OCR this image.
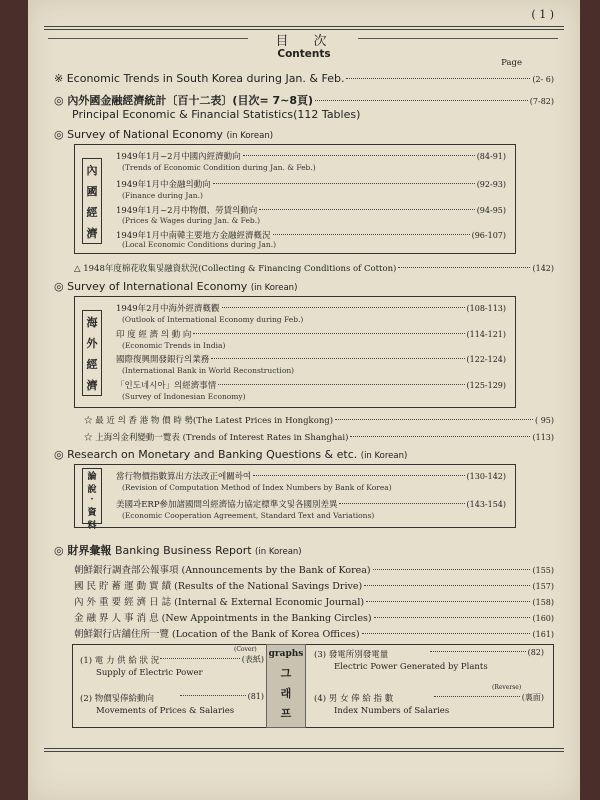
( 1 )
目　次
Contents
Page
※ Economic Trends in South Korea during Jan. & Feb.	(2- 6)
◎ 內外國金融經濟統計〔百十二表〕(目次= 7~8頁)	(7-82)
Principal Economic & Financial Statistics(112 Tables)
◎ Survey of National Economy (in Korean)
內
國
經
濟
1949年1月~2月中國內經濟動向	(84-91)
(Trends of Economic Condition during Jan. & Feb.)
1949年1月中金融의動向	(92-93)
(Finance during Jan.)
1949年1月~2月中物價、勞賃의動向	(94-95)
(Prices & Wages during Jan. & Feb.)
1949年1月中南韓主要地方金融經濟槪況	(96-107)
(Local Economic Conditions during Jan.)
△ 1948年度棉花收集및融資狀況(Collecting & Financing Conditions of Cotton)	(142)
◎ Survey of International Economy (in Korean)
海
外
經
濟
1949年2月中海外經濟槪觀	(108-113)
(Outlook of International Economy during Feb.)
印 度 經 濟 의 動 向	(114-121)
(Economic Trends in India)
國際復興開發銀行의業務	(122-124)
(International Bank in World Reconstruction)
「인도네시아」의經濟事情	(125-129)
(Survey of Indonesian Economy)
☆ 最 近 의 香 港 物 價 時 勢(The Latest Prices in Hongkong)	( 95)
☆ 上海의金利變動一覽表 (Trends of Interest Rates in Shanghai)	(113)
◎ Research on Monetary and Banking Questions & etc. (in Korean)
論
說
·
資
料
當行物價指數算出方法改正에關하여	(130-142)
(Revision of Computation Method of Index Numbers by Bank of Korea)
美國과ERP參加諸國間의經濟協力協定標準文및各國別差異	(143-154)
(Economic Cooperation Agreement, Standard Text and Variations)
◎ 財界彙報 Banking Business Report (in Korean)
朝鮮銀行調査部公報事項 (Announcements by the Bank of Korea)	(155)
國 民 貯 蓄 運 動 實 績 (Results of the National Savings Drive)	(157)
內 外 重 要 經 濟 日 誌 (Internal & External Economic Journal)	(158)
金 融 界 人 事 消 息 (New Appointments in the Banking Circles)	(160)
朝鮮銀行店舖住所一覽 (Location of the Bank of Korea Offices)	(161)
graphs
그
래
프
(1) 電 力 供 給 狀 況	(表紙)
(Cover)
Supply of Electric Power
(2) 物價및俸給動向	(81)
Movements of Prices & Salaries
(3) 發電所別發電量	(82)
Electric Power Generated by Plants
(4) 男 女 俸 給 指 數	(裏面)
(Reverse)
Index Numbers of Salaries
